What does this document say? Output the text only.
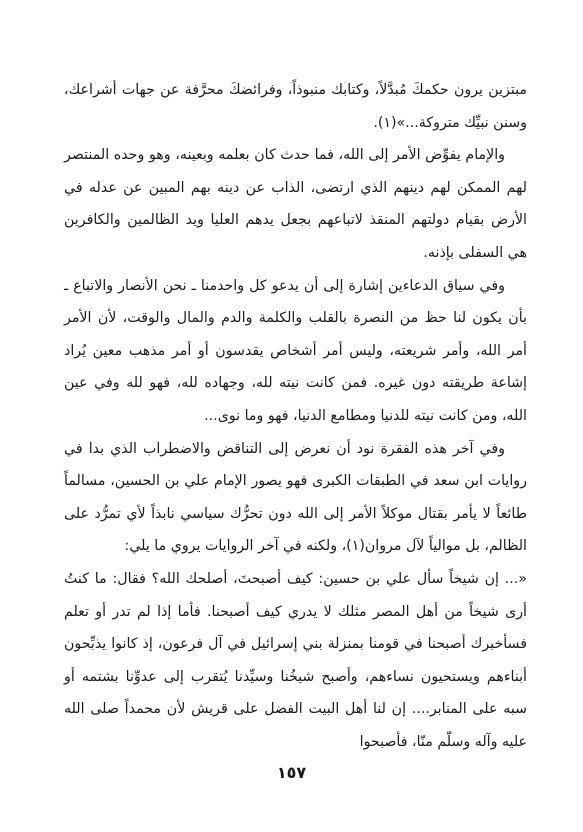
مبتزين يرون حكمكَ مُبدَّلاً، وكتابك منبوذاً، وفرائضكَ محرَّفة عن جهات أشراعك، وسنن نبيِّك متروكة...»(١).

والإمام يفوِّض الأمر إلى الله، فما حدث كان بعلمه وبعينه، وهو وحده المنتصر لهم الممكن لهم دينهم الذي ارتضى، الذاب عن دينه بهم المبين عن عدله في الأرض بقيام دولتهم المنقذ لاتباعهم بجعل يدهم العليا ويد الظالمين والكافرين هي السفلى بإذنه.

وفي سياق الدعاءين إشارة إلى أن يدعو كل واحدمنا ـ نحن الأنصار والاتباع ـ بأن يكون لنا حظ من النصرة بالقلب والكلمة والدم والمال والوقت، لأن الأمر أمر الله، وأمر شريعته، وليس أمر أشخاص يقدسون أو أمر مذهب معين يُراد إشاعة طريقته دون غيره. فمن كانت نيته لله، وجهاده لله، فهو لله وفي عين الله، ومن كانت نيته للدنيا ومطامع الدنيا، فهو وما نوى...

وفي آخر هذه الفقرة نود أن نعرض إلى التناقض والاضطراب الذي بدا في روايات ابن سعد في الطبقات الكبرى فهو يصور الإمام علي بن الحسين، مسالماً طائعاً لا يأمر بقتال موكلاً الأمر إلى الله دون تحرُّك سياسي نابذاً لأي تمرُّد على الظالم، بل موالياً لآل مروان(١)، ولكنه في آخر الروايات يروي ما يلي:

«... إن شيخاً سأل علي بن حسين: كيف أصبحتَ، أصلحك الله؟ فقال: ما كنتُ أرى شيخاً من أهل المصر مثلك لا يدري كيف أصبحنا. فأما إذا لم تدر أو تعلم فسأخبرك أصبحنا في قومنا بمنزلة بني إسرائيل في آل فرعون، إذ كانوا يذبِّحون أبناءهم ويستحيون نساءهم، وأصبح شيخُنا وسيِّدنا يُتقرب إلى عدوِّنا بشتمه أو سبه على المنابر.... إن لنا أهل البيت الفضل على قريش لأن محمداً صلى الله عليه وآله وسلّم منّا، فأصبحوا

١٥٧
